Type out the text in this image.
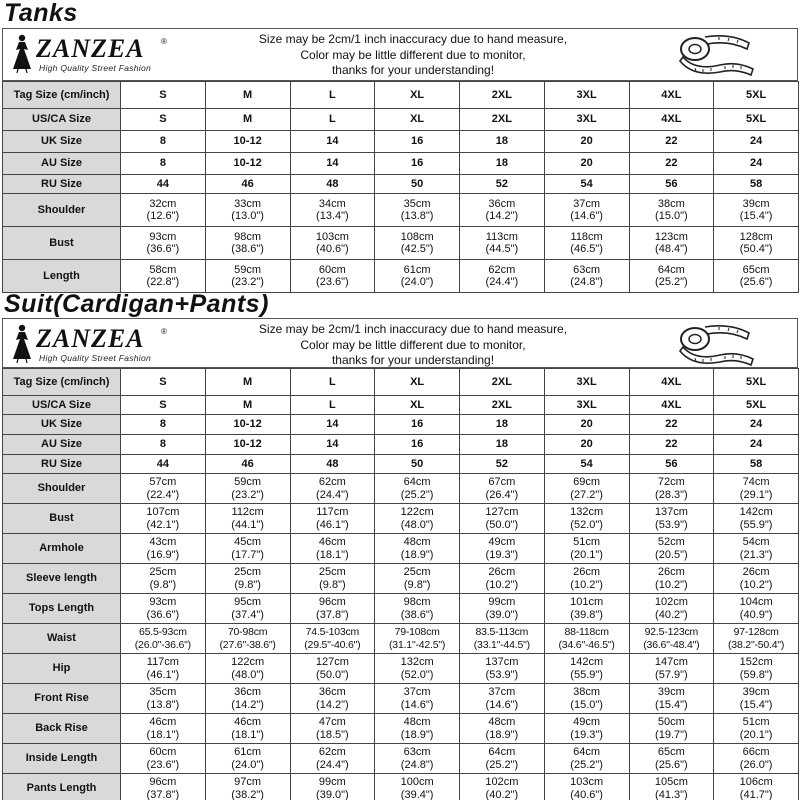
Tanks
ZANZEA ®
High Quality Street Fashion
Size may be 2cm/1 inch inaccuracy due to hand measure,
Color may be little different due to monitor,
thanks for your understanding!
Tag Size (cm/inch)	S	M	L	XL	2XL	3XL	4XL	5XL

US/CA Size	S	M	L	XL	2XL	3XL	4XL	5XL

UK Size	8	10-12	14	16	18	20	22	24

AU Size	8	10-12	14	16	18	20	22	24

RU Size	44	46	48	50	52	54	56	58

Shoulder	32cm
(12.6")	33cm
(13.0")	34cm
(13.4")	35cm
(13.8")	36cm
(14.2")	37cm
(14.6")	38cm
(15.0")	39cm
(15.4")

Bust	93cm
(36.6")	98cm
(38.6")	103cm
(40.6")	108cm
(42.5")	113cm
(44.5")	118cm
(46.5")	123cm
(48.4")	128cm
(50.4")

Length	58cm
(22.8")	59cm
(23.2")	60cm
(23.6")	61cm
(24.0")	62cm
(24.4")	63cm
(24.8")	64cm
(25.2")	65cm
(25.6")
Suit(Cardigan+Pants)
ZANZEA ®
High Quality Street Fashion
Size may be 2cm/1 inch inaccuracy due to hand measure,
Color may be little different due to monitor,
thanks for your understanding!
Tag Size (cm/inch)	S	M	L	XL	2XL	3XL	4XL	5XL

US/CA Size	S	M	L	XL	2XL	3XL	4XL	5XL

UK Size	8	10-12	14	16	18	20	22	24

AU Size	8	10-12	14	16	18	20	22	24

RU Size	44	46	48	50	52	54	56	58

Shoulder	57cm
(22.4")	59cm
(23.2")	62cm
(24.4")	64cm
(25.2")	67cm
(26.4")	69cm
(27.2")	72cm
(28.3")	74cm
(29.1")

Bust	107cm
(42.1")	112cm
(44.1")	117cm
(46.1")	122cm
(48.0")	127cm
(50.0")	132cm
(52.0")	137cm
(53.9")	142cm
(55.9")

Armhole	43cm
(16.9")	45cm
(17.7")	46cm
(18.1")	48cm
(18.9")	49cm
(19.3")	51cm
(20.1")	52cm
(20.5")	54cm
(21.3")

Sleeve length	25cm
(9.8")	25cm
(9.8")	25cm
(9.8")	25cm
(9.8")	26cm
(10.2")	26cm
(10.2")	26cm
(10.2")	26cm
(10.2")

Tops Length	93cm
(36.6")	95cm
(37.4")	96cm
(37.8")	98cm
(38.6")	99cm
(39.0")	101cm
(39.8")	102cm
(40.2")	104cm
(40.9")

Waist	65.5-93cm
(26.0"-36.6")	70-98cm
(27.6"-38.6")	74.5-103cm
(29.5"-40.6")	79-108cm
(31.1"-42.5")	83.5-113cm
(33.1"-44.5")	88-118cm
(34.6"-46.5")	92.5-123cm
(36.6"-48.4")	97-128cm
(38.2"-50.4")

Hip	117cm
(46.1")	122cm
(48.0")	127cm
(50.0")	132cm
(52.0")	137cm
(53.9")	142cm
(55.9")	147cm
(57.9")	152cm
(59.8")

Front Rise	35cm
(13.8")	36cm
(14.2")	36cm
(14.2")	37cm
(14.6")	37cm
(14.6")	38cm
(15.0")	39cm
(15.4")	39cm
(15.4")

Back Rise	46cm
(18.1")	46cm
(18.1")	47cm
(18.5")	48cm
(18.9")	48cm
(18.9")	49cm
(19.3")	50cm
(19.7")	51cm
(20.1")

Inside Length	60cm
(23.6")	61cm
(24.0")	62cm
(24.4")	63cm
(24.8")	64cm
(25.2")	64cm
(25.2")	65cm
(25.6")	66cm
(26.0")

Pants Length	96cm
(37.8")	97cm
(38.2")	99cm
(39.0")	100cm
(39.4")	102cm
(40.2")	103cm
(40.6")	105cm
(41.3")	106cm
(41.7")
